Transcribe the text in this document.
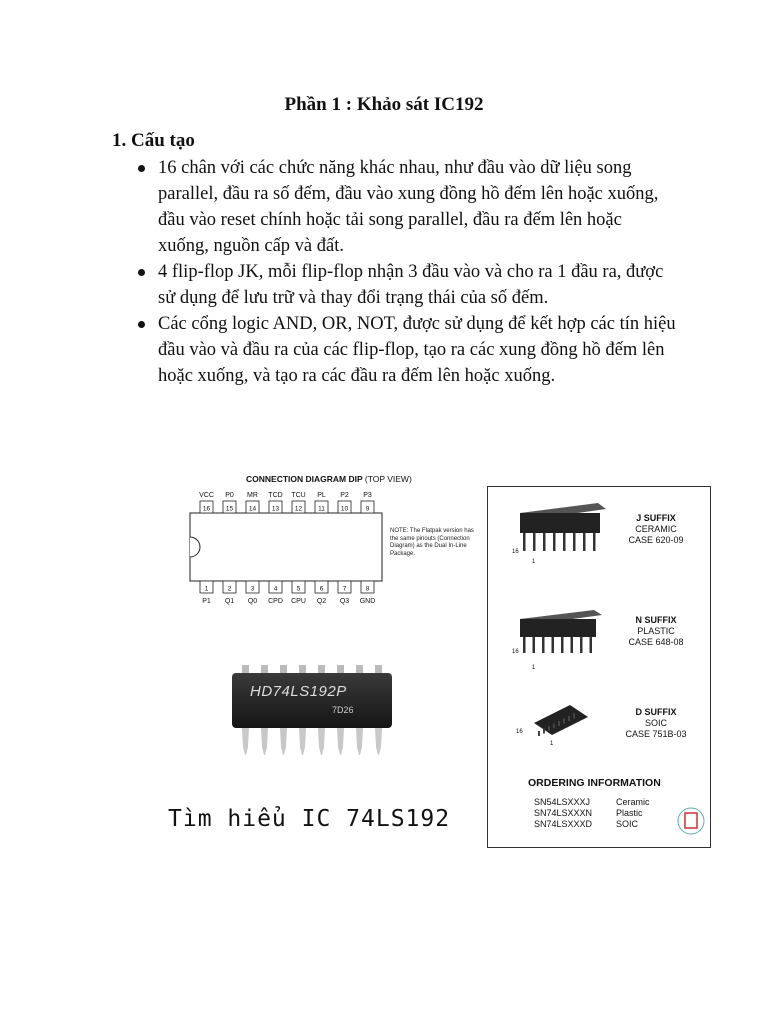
Phần 1 : Khảo sát IC192
1. Cấu tạo
16 chân với các chức năng khác nhau, như đầu vào dữ liệu song parallel, đầu ra số đếm, đầu vào xung đồng hồ đếm lên hoặc xuống, đầu vào reset chính hoặc tải song parallel, đầu ra đếm lên hoặc xuống, nguồn cấp và đất.
4 flip-flop JK, mỗi flip-flop nhận 3 đầu vào và cho ra 1 đầu ra, được sử dụng để lưu trữ và thay đổi trạng thái của số đếm.
Các cổng logic AND, OR, NOT, được sử dụng để kết hợp các tín hiệu đầu vào và đầu ra của các flip-flop, tạo ra các xung đồng hồ đếm lên hoặc xuống, và tạo ra các đầu ra đếm lên hoặc xuống.
CONNECTION DIAGRAM DIP (TOP VIEW)
16
VCC
15
P0
14
MR
13
TCD
12
TCU
11
PL
10
P2
9
P3
1
P1
2
Q1
3
Q0
4
CPD
5
CPU
6
Q2
7
Q3
8
GND
NOTE: The Flatpak version has the same pinouts (Connection Diagram) as the Dual In-Line Package.
HD74LS192P
7D26
Tìm hiểu IC 74LS192
16
1
16
1
16
1
J SUFFIX
CERAMIC
CASE 620-09
N SUFFIX
PLASTIC
CASE 648-08
D SUFFIX
SOIC
CASE 751B-03
ORDERING INFORMATION
SN54LSXXXJ	Ceramic
SN74LSXXXN	Plastic
SN74LSXXXD	SOIC
